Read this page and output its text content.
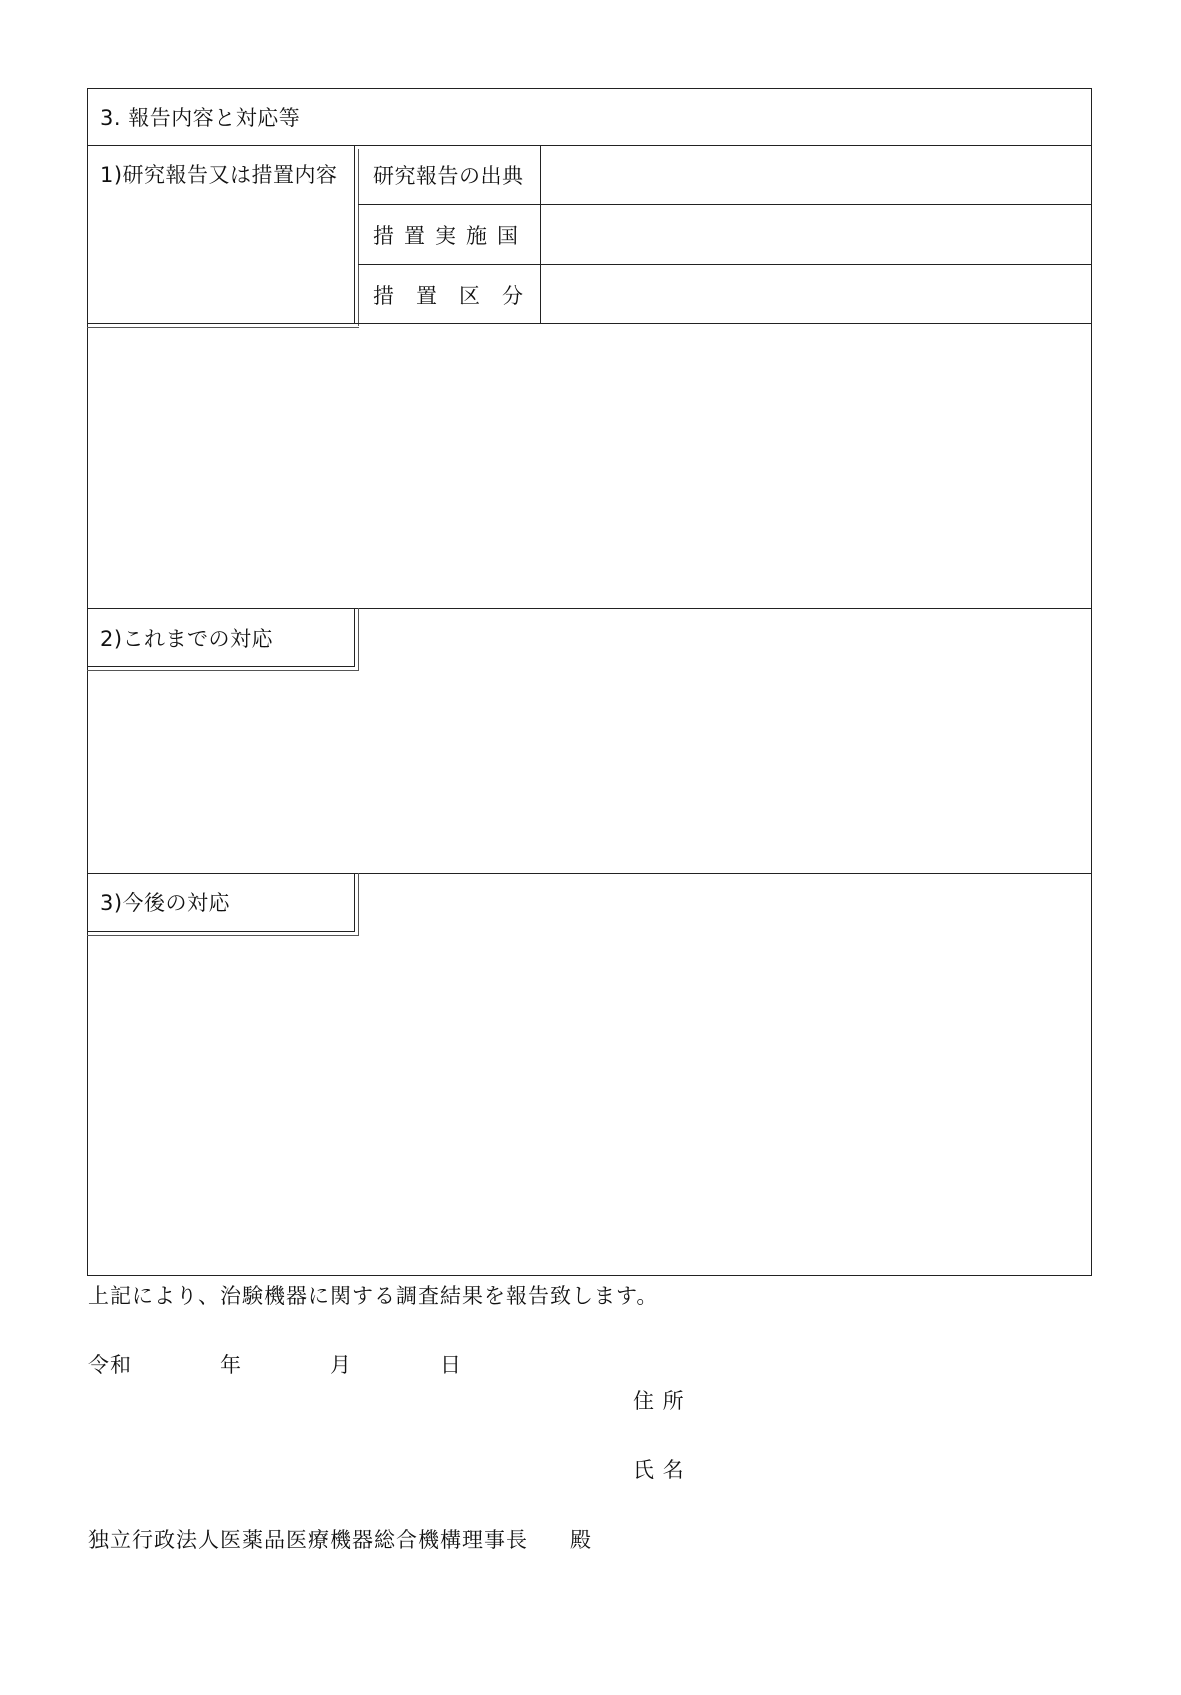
3. 報告内容と対応等
1)研究報告又は措置内容 研究報告の出典
措置実施国
措置区分
2)これまでの対応
3)今後の対応
上記により、治験機器に関する調査結果を報告致します。
令和	年	月	日
住 所
氏 名
独立行政法人医薬品医療機器総合機構理事長 殿
